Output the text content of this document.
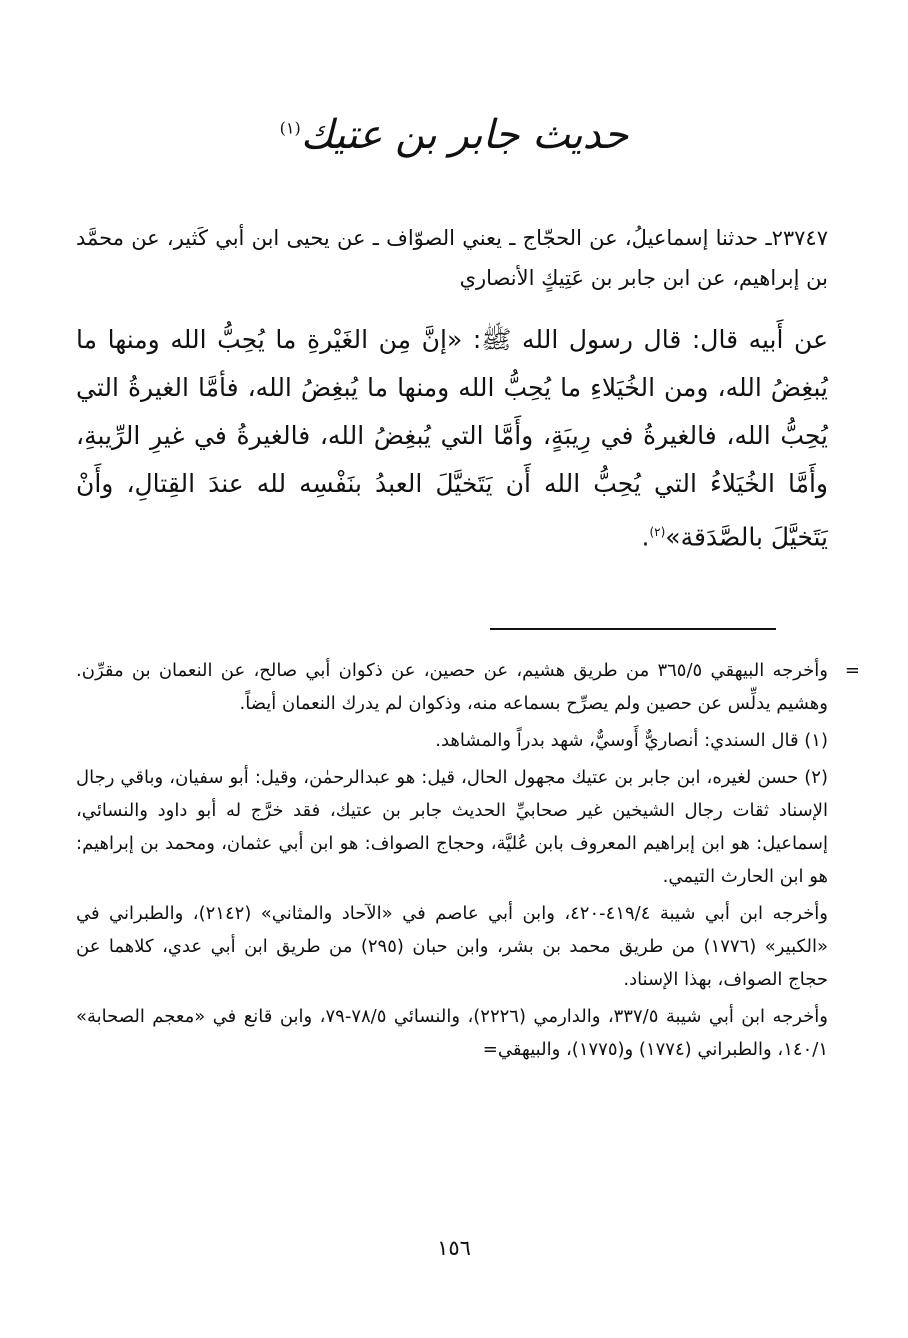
حديث جابر بن عتيك$^{(١)}$

٢٣٧٤٧ـ حدثنا إسماعيلُ، عن الحجّاج ـ يعني الصوّاف ـ عن يحيى ابن أبي كَثير، عن محمَّد بن إبراهيم، عن ابن جابر بن عَتِيكٍ الأنصاري

عن أَبيه قال: قال رسول الله ﷺ: «إنَّ مِن الغَيْرةِ ما يُحِبُّ الله ومنها ما يُبغِضُ الله، ومن الخُيَلاءِ ما يُحِبُّ الله ومنها ما يُبغِضُ الله، فأمَّا الغيرةُ التي يُحِبُّ الله، فالغيرةُ في رِيبَةٍ، وأَمَّا التي يُبغِضُ الله، فالغيرةُ في غيرِ الرِّيبةِ، وأَمَّا الخُيَلاءُ التي يُحِبُّ الله أَن يَتَخيَّلَ العبدُ بنَفْسِه لله عندَ القِتالِ، وأَنْ يَتَخيَّلَ بالصَّدَقة»$^{(٢)}$.

=

وأخرجه البيهقي ٣٦٥/٥ من طريق هشيم، عن حصين، عن ذكوان أبي صالح، عن النعمان بن مقرِّن. وهشيم يدلِّس عن حصين ولم يصرِّح بسماعه منه، وذكوان لم يدرك النعمان أيضاً.

(١) قال السندي: أنصاريٌّ أَوسيٌّ، شهد بدراً والمشاهد.

(٢) حسن لغيره، ابن جابر بن عتيك مجهول الحال، قيل: هو عبدالرحمٰن، وقيل: أبو سفيان، وباقي رجال الإسناد ثقات رجال الشيخين غير صحابيِّ الحديث جابر بن عتيك، فقد خرَّج له أبو داود والنسائي، إسماعيل: هو ابن إبراهيم المعروف بابن عُليَّة، وحجاج الصواف: هو ابن أبي عثمان، ومحمد بن إبراهيم: هو ابن الحارث التيمي.

وأخرجه ابن أبي شيبة ٤١٩/٤-٤٢٠، وابن أبي عاصم في «الآحاد والمثاني» (٢١٤٢)، والطبراني في «الكبير» (١٧٧٦) من طريق محمد بن بشر، وابن حبان (٢٩٥) من طريق ابن أبي عدي، كلاهما عن حجاج الصواف، بهذا الإسناد.

وأخرجه ابن أبي شيبة ٣٣٧/٥، والدارمي (٢٢٢٦)، والنسائي ٧٨/٥-٧٩، وابن قانع في «معجم الصحابة» ١٤٠/١، والطبراني (١٧٧٤) و(١٧٧٥)، والبيهقي=

١٥٦
